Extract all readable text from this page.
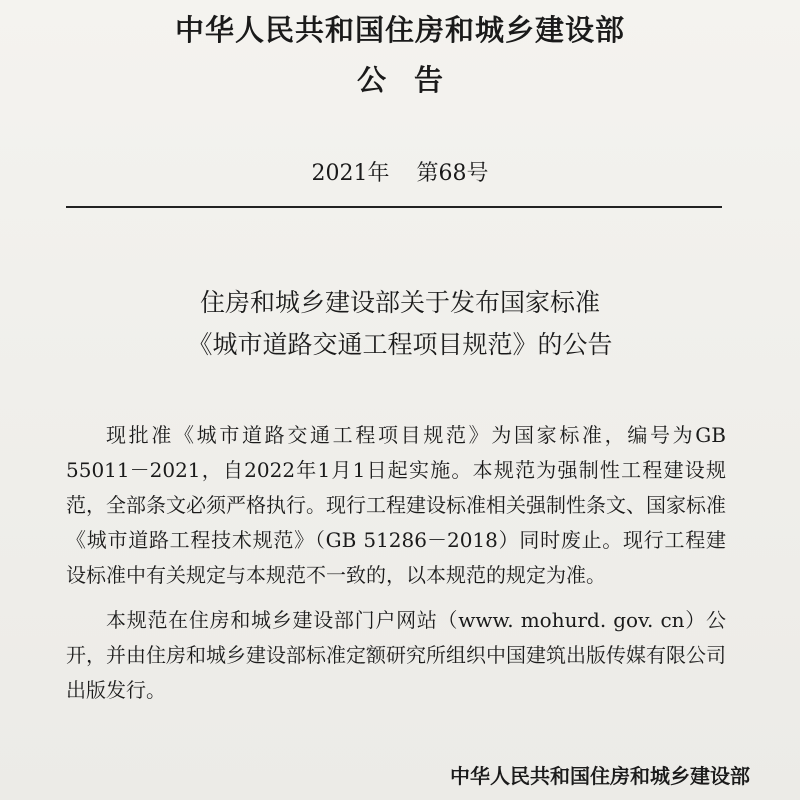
中华人民共和国住房和城乡建设部
公告
2021年 第68号
住房和城乡建设部关于发布国家标准
《城市道路交通工程项目规范》的公告

现批准《城市道路交通工程项目规范》为国家标准，编号为GB 55011－2021，自2022年1月1日起实施。本规范为强制性工程建设规范，全部条文必须严格执行。现行工程建设标准相关强制性条文、国家标准《城市道路工程技术规范》（GB 51286－2018）同时废止。现行工程建设标准中有关规定与本规范不一致的，以本规范的规定为准。

本规范在住房和城乡建设部门户网站（www. mohurd. gov. cn）公开，并由住房和城乡建设部标准定额研究所组织中国建筑出版传媒有限公司出版发行。

中华人民共和国住房和城乡建设部
